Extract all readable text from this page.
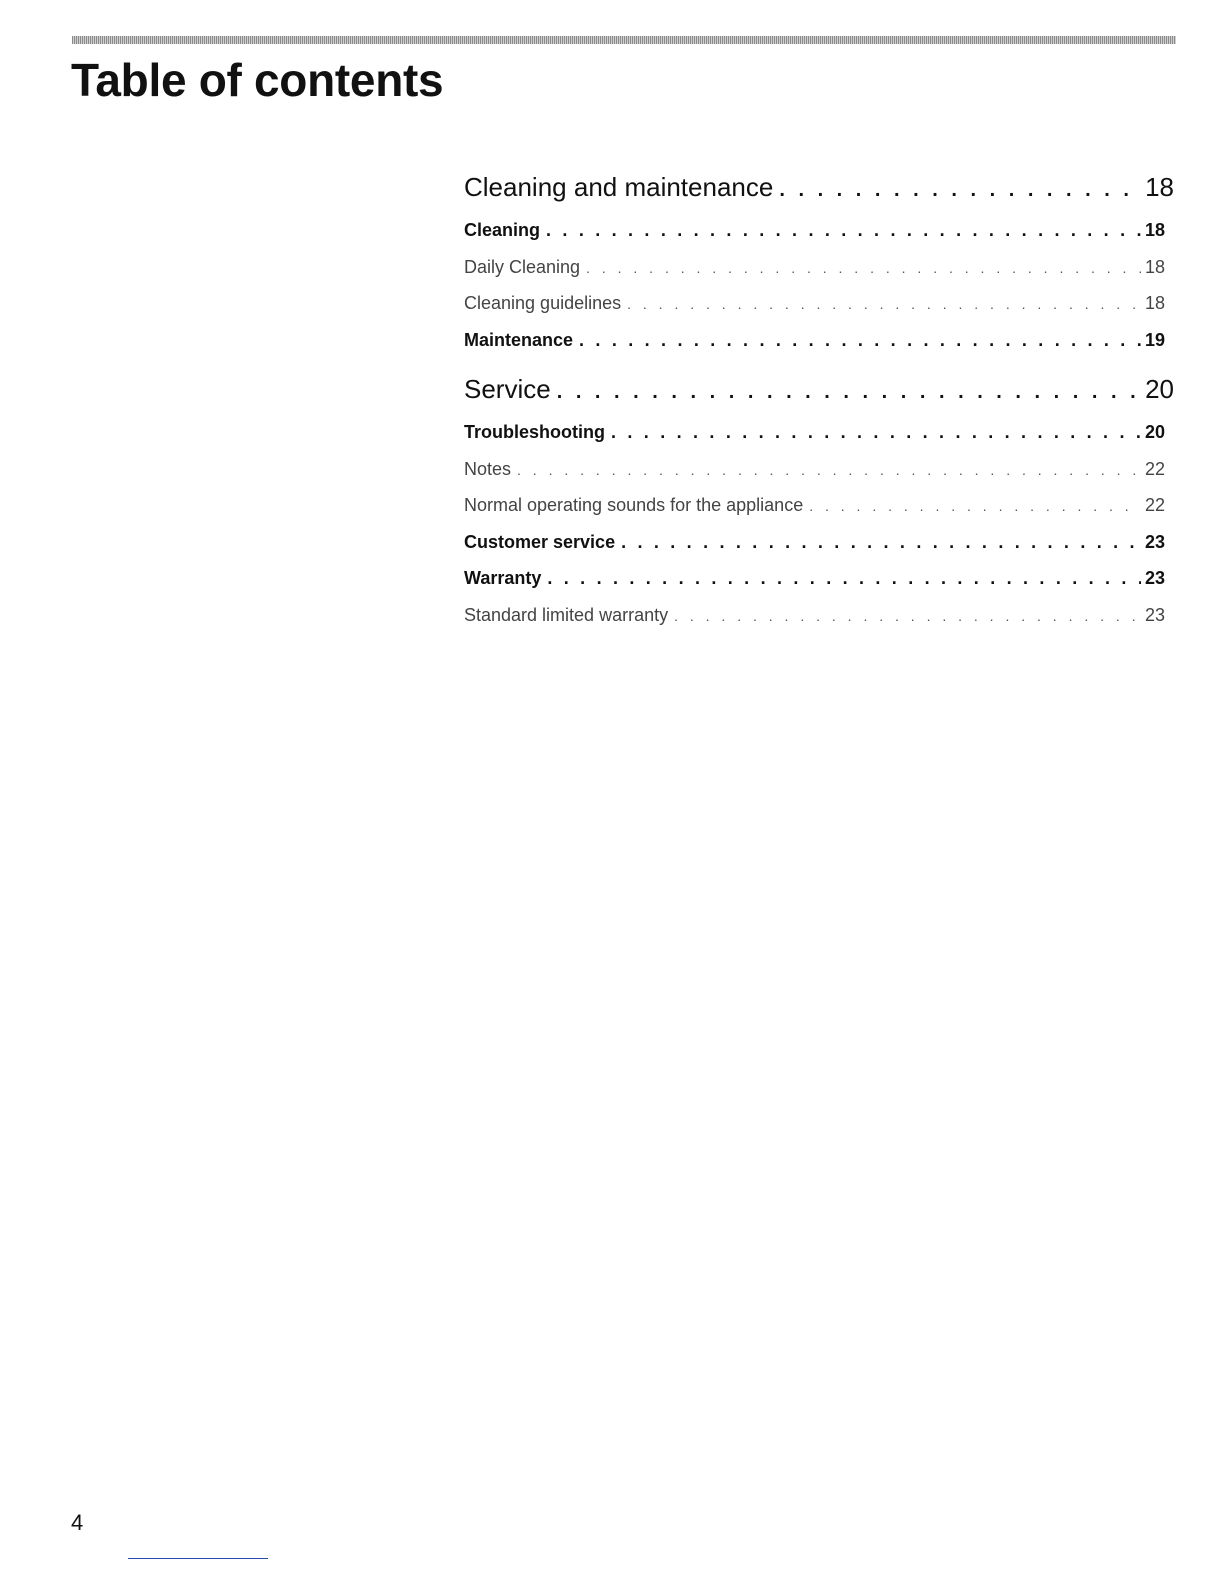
Table of contents
Cleaning and maintenance . . .	18
Cleaning . . .	18
Daily Cleaning . . .	18
Cleaning guidelines . . .	18
Maintenance . . .	19
Service . . .	20
Troubleshooting . . .	20
Notes . . .	22
Normal operating sounds for the appliance . . .	22
Customer service . . .	23
Warranty . . .	23
Standard limited warranty . . .	23
4
